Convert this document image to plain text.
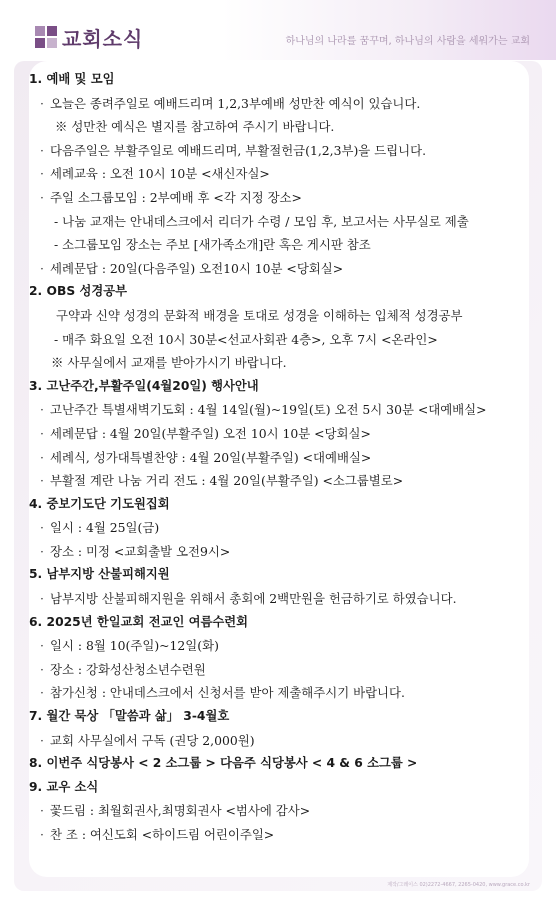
교회소식	하나님의 나라를 꿈꾸며, 하나님의 사람을 세워가는 교회
1. 예배 및 모임
· 오늘은 종려주일로 예배드리며 1,2,3부예배 성만찬 예식이 있습니다.
※ 성만찬 예식은 별지를 참고하여 주시기 바랍니다.
· 다음주일은 부활주일로 예배드리며, 부활절헌금(1,2,3부)을 드립니다.
· 세례교육 : 오전 10시 10분 <새신자실>
· 주일 소그룹모임 : 2부예배 후 <각 지정 장소>
- 나눔 교재는 안내데스크에서 리더가 수령 / 모임 후, 보고서는 사무실로 제출
- 소그룹모임 장소는 주보 [새가족소개]란 혹은 게시판 참조
· 세례문답 : 20일(다음주일) 오전10시 10분 <당회실>
2. OBS 성경공부
구약과 신약 성경의 문화적 배경을 토대로 성경을 이해하는 입체적 성경공부
- 매주 화요일 오전 10시 30분<선교사회관 4층>, 오후 7시 <온라인>
※ 사무실에서 교재를 받아가시기 바랍니다.
3. 고난주간,부활주일(4월20일) 행사안내
· 고난주간 특별새벽기도회 : 4월 14일(월)~19일(토) 오전 5시 30분 <대예배실>
· 세례문답 : 4월 20일(부활주일) 오전 10시 10분 <당회실>
· 세례식, 성가대특별찬양 : 4월 20일(부활주일) <대예배실>
· 부활절 계란 나눔 거리 전도 : 4월 20일(부활주일) <소그룹별로>
4. 중보기도단 기도원집회
· 일시 : 4월 25일(금)
· 장소 : 미정 <교회출발 오전9시>
5. 남부지방 산불피해지원
· 남부지방 산불피해지원을 위해서 총회에 2백만원을 헌금하기로 하였습니다.
6. 2025년 한일교회 전교인 여름수련회
· 일시 : 8월 10(주일)~12일(화)
· 장소 : 강화성산청소년수련원
· 참가신청 : 안내데스크에서 신청서를 받아 제출해주시기 바랍니다.
7. 월간 묵상 「말씀과 삶」 3-4월호
· 교회 사무실에서 구독 (권당 2,000원)
8. 이번주 식당봉사 < 2 소그룹 > 다음주 식당봉사 < 4 & 6 소그룹 >
9. 교우 소식
· 꽃드림 : 최월회권사,최명회권사 <범사에 감사>
· 찬 조 : 여신도회 <하이드림 어린이주일>
제작/그레이스 02)2272-4667, 2265-0420, www.grace.co.kr
